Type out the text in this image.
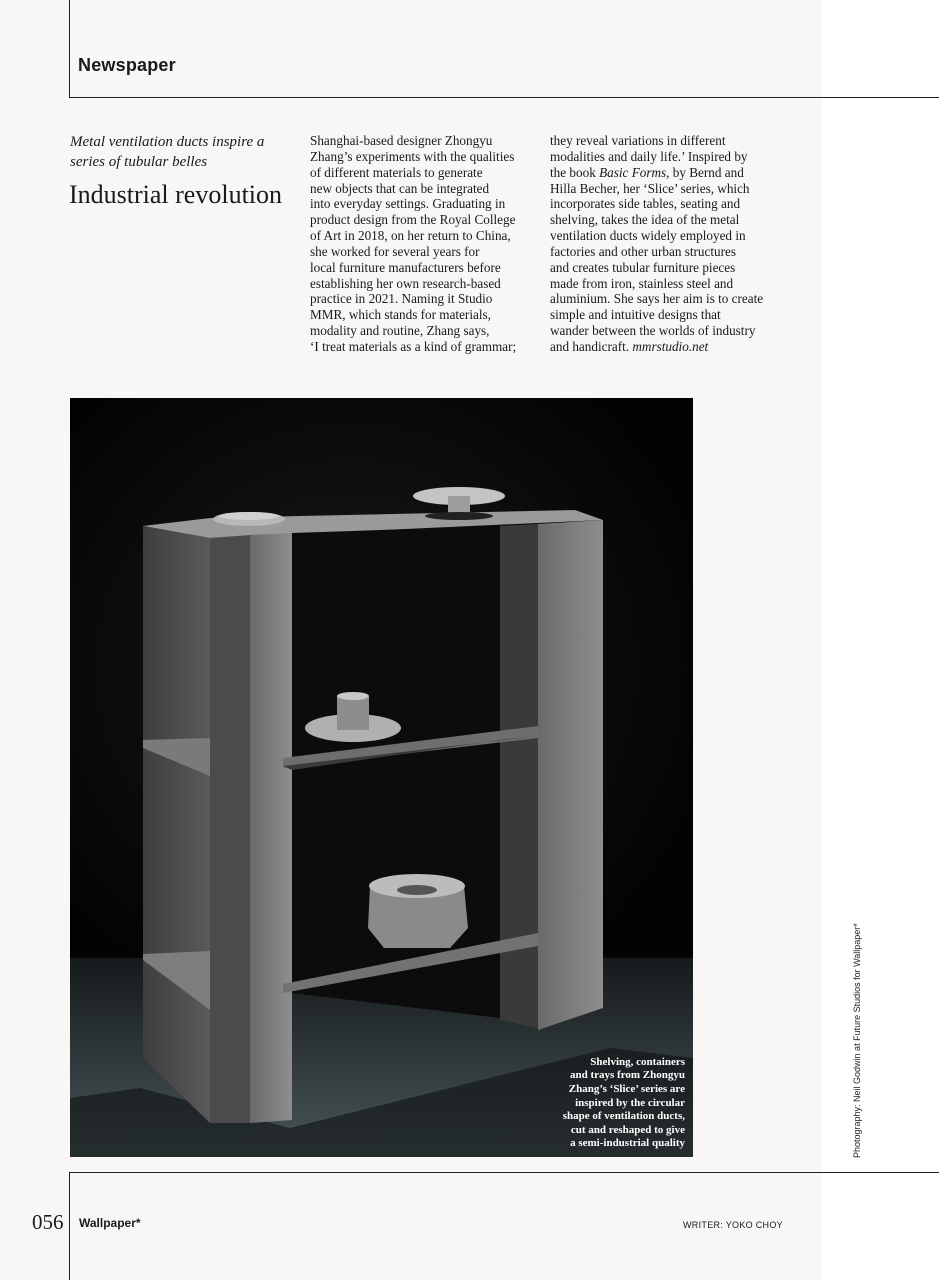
Newspaper
Metal ventilation ducts inspire a series of tubular belles
Industrial revolution
Shanghai-based designer Zhongyu
Zhang’s experiments with the qualities
of different materials to generate
new objects that can be integrated
into everyday settings. Graduating in
product design from the Royal College
of Art in 2018, on her return to China,
she worked for several years for
local furniture manufacturers before
establishing her own research-based
practice in 2021. Naming it Studio
MMR, which stands for materials,
modality and routine, Zhang says,
‘I treat materials as a kind of grammar;
they reveal variations in different
modalities and daily life.’ Inspired by
the book Basic Forms, by Bernd and
Hilla Becher, her ‘Slice’ series, which
incorporates side tables, seating and
shelving, takes the idea of the metal
ventilation ducts widely employed in
factories and other urban structures
and creates tubular furniture pieces
made from iron, stainless steel and
aluminium. She says her aim is to create
simple and intuitive designs that
wander between the worlds of industry
and handicraft. mmrstudio.net
Shelving, containers
and trays from Zhongyu
Zhang’s ‘Slice’ series are
inspired by the circular
shape of ventilation ducts,
cut and reshaped to give
a semi-industrial quality	Photography: Neil Godwin at Future Studios for Wallpaper*
056 Wallpaper*	WRITER: YOKO CHOY
